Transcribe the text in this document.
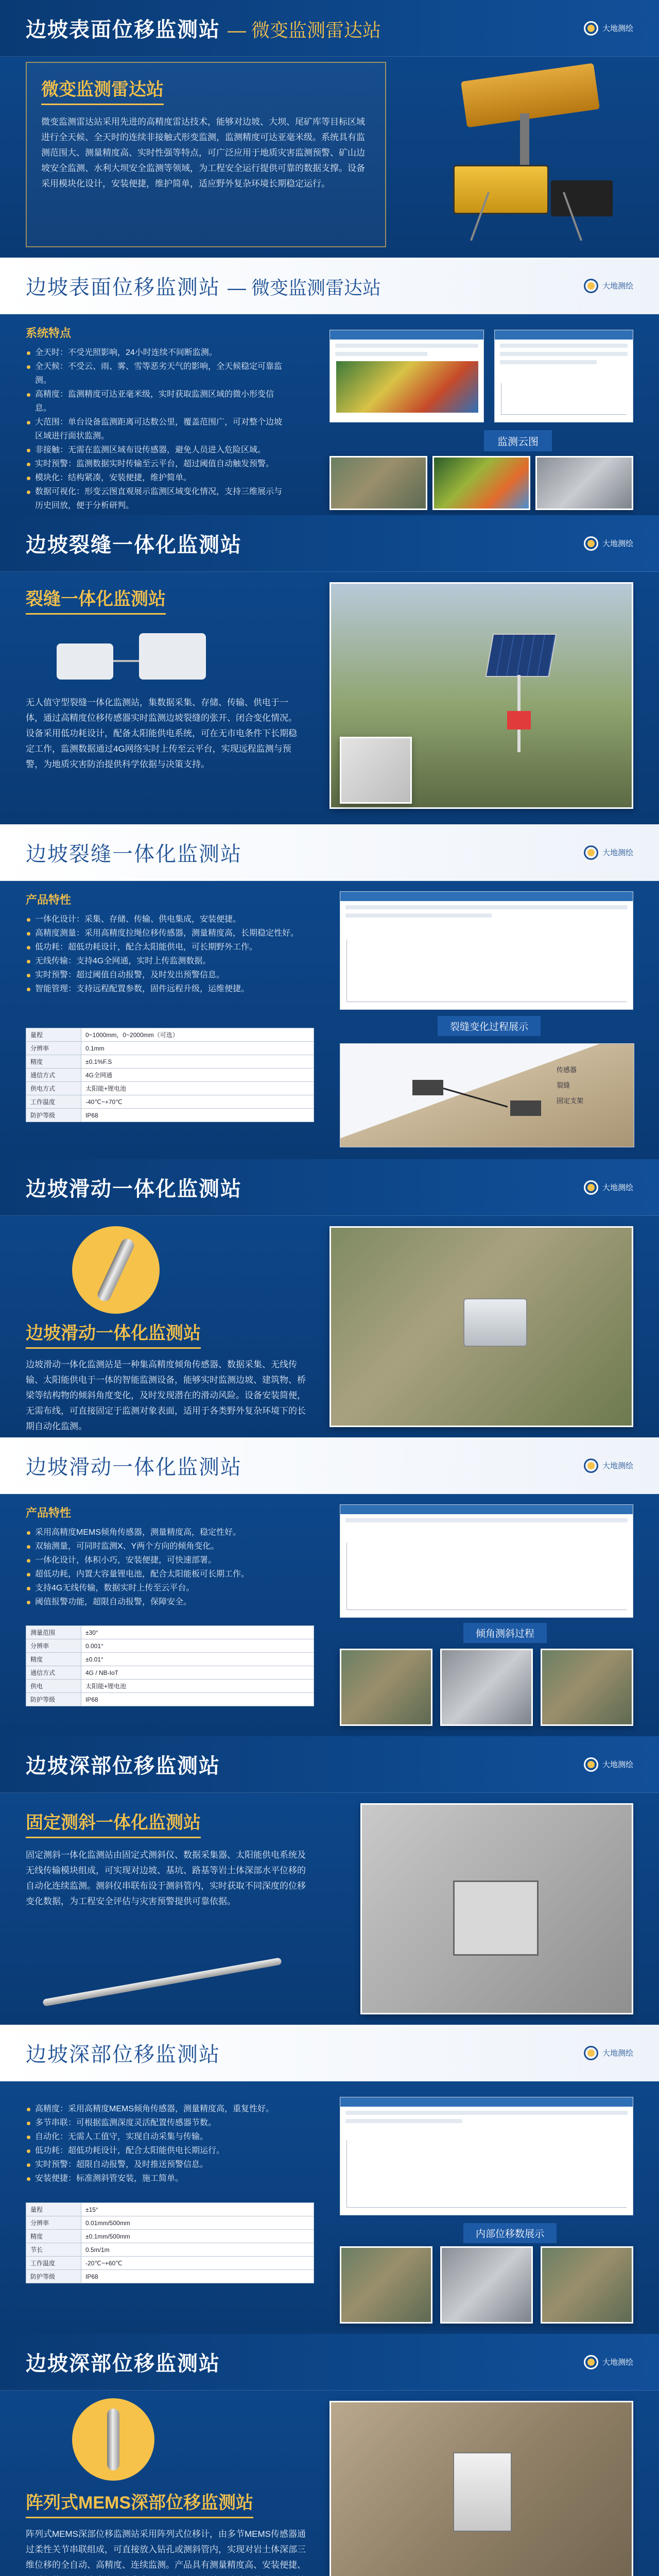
边坡表面位移监测站 — 微变监测雷达站	大地测绘
微变监测雷达站
微变监测雷达站采用先进的高精度雷达技术，能够对边坡、大坝、尾矿库等目标区域进行全天候、全天时的连续非接触式形变监测，监测精度可达亚毫米级。系统具有监测范围大、测量精度高、实时性强等特点，可广泛应用于地质灾害监测预警、矿山边坡安全监测、水利大坝安全监测等领域，为工程安全运行提供可靠的数据支撑。设备采用模块化设计，安装便捷，维护简单，适应野外复杂环境长期稳定运行。
边坡表面位移监测站 — 微变监测雷达站	大地测绘
系统特点
全天时：不受光照影响，24小时连续不间断监测。
全天候：不受云、雨、雾、雪等恶劣天气的影响，全天候稳定可靠监测。
高精度：监测精度可达亚毫米级，实时获取监测区域的微小形变信息。
大范围：单台设备监测距离可达数公里，覆盖范围广，可对整个边坡区域进行面状监测。
非接触：无需在监测区域布设传感器，避免人员进入危险区域。
实时预警：监测数据实时传输至云平台，超过阈值自动触发预警。
模块化：结构紧凑，安装便捷，维护简单。
数据可视化：形变云图直观展示监测区域变化情况，支持三维展示与历史回放，便于分析研判。
监测云图
边坡裂缝一体化监测站	大地测绘
裂缝一体化监测站
无人值守型裂缝一体化监测站，集数据采集、存储、传输、供电于一体，通过高精度位移传感器实时监测边坡裂缝的张开、闭合变化情况。设备采用低功耗设计，配备太阳能供电系统，可在无市电条件下长期稳定工作，监测数据通过4G网络实时上传至云平台，实现远程监测与预警，为地质灾害防治提供科学依据与决策支持。
边坡裂缝一体化监测站	大地测绘
产品特性
一体化设计：采集、存储、传输、供电集成，安装便捷。
高精度测量：采用高精度拉绳位移传感器，测量精度高，长期稳定性好。
低功耗：超低功耗设计，配合太阳能供电，可长期野外工作。
无线传输：支持4G全网通，实时上传监测数据。
实时预警：超过阈值自动报警，及时发出预警信息。
智能管理：支持远程配置参数，固件远程升级，运维便捷。
量程	0~1000mm，0~2000mm（可选）
分辨率	0.1mm
精度	±0.1%F.S
通信方式	4G全网通
供电方式	太阳能+锂电池
工作温度	-40℃~+70℃
防护等级	IP68
裂缝变化过程展示
传感器
裂缝
固定支架
边坡滑动一体化监测站	大地测绘
边坡滑动一体化监测站
边坡滑动一体化监测站是一种集高精度倾角传感器、数据采集、无线传输、太阳能供电于一体的智能监测设备，能够实时监测边坡、建筑物、桥梁等结构物的倾斜角度变化，及时发现潜在的滑动风险。设备安装简便，无需布线，可直接固定于监测对象表面，适用于各类野外复杂环境下的长期自动化监测。
边坡滑动一体化监测站	大地测绘
产品特性
采用高精度MEMS倾角传感器，测量精度高，稳定性好。
双轴测量，可同时监测X、Y两个方向的倾角变化。
一体化设计，体积小巧，安装便捷，可快速部署。
超低功耗，内置大容量锂电池，配合太阳能板可长期工作。
支持4G无线传输，数据实时上传至云平台。
阈值报警功能，超限自动报警，保障安全。
测量范围	±30°
分辨率	0.001°
精度	±0.01°
通信方式	4G / NB-IoT
供电	太阳能+锂电池
防护等级	IP68
倾角测斜过程
边坡深部位移监测站	大地测绘
固定测斜一体化监测站
固定测斜一体化监测站由固定式测斜仪、数据采集器、太阳能供电系统及无线传输模块组成，可实现对边坡、基坑、路基等岩土体深部水平位移的自动化连续监测。测斜仪串联布设于测斜管内，实时获取不同深度的位移变化数据，为工程安全评估与灾害预警提供可靠依据。
边坡深部位移监测站	大地测绘
高精度：采用高精度MEMS倾角传感器，测量精度高，重复性好。
多节串联：可根据监测深度灵活配置传感器节数。
自动化：无需人工值守，实现自动采集与传输。
低功耗：超低功耗设计，配合太阳能供电长期运行。
实时预警：超限自动报警，及时推送预警信息。
安装便捷：标准测斜管安装，施工简单。
量程	±15°
分辨率	0.01mm/500mm
精度	±0.1mm/500mm
节长	0.5m/1m
工作温度	-20℃~+60℃
防护等级	IP68
内部位移数展示
边坡深部位移监测站	大地测绘
阵列式MEMS深部位移监测站
阵列式MEMS深部位移监测站采用阵列式位移计，由多节MEMS传感器通过柔性关节串联组成，可直接放入钻孔或测斜管内，实现对岩土体深部三维位移的全自动、高精度、连续监测。产品具有测量精度高、安装便捷、
